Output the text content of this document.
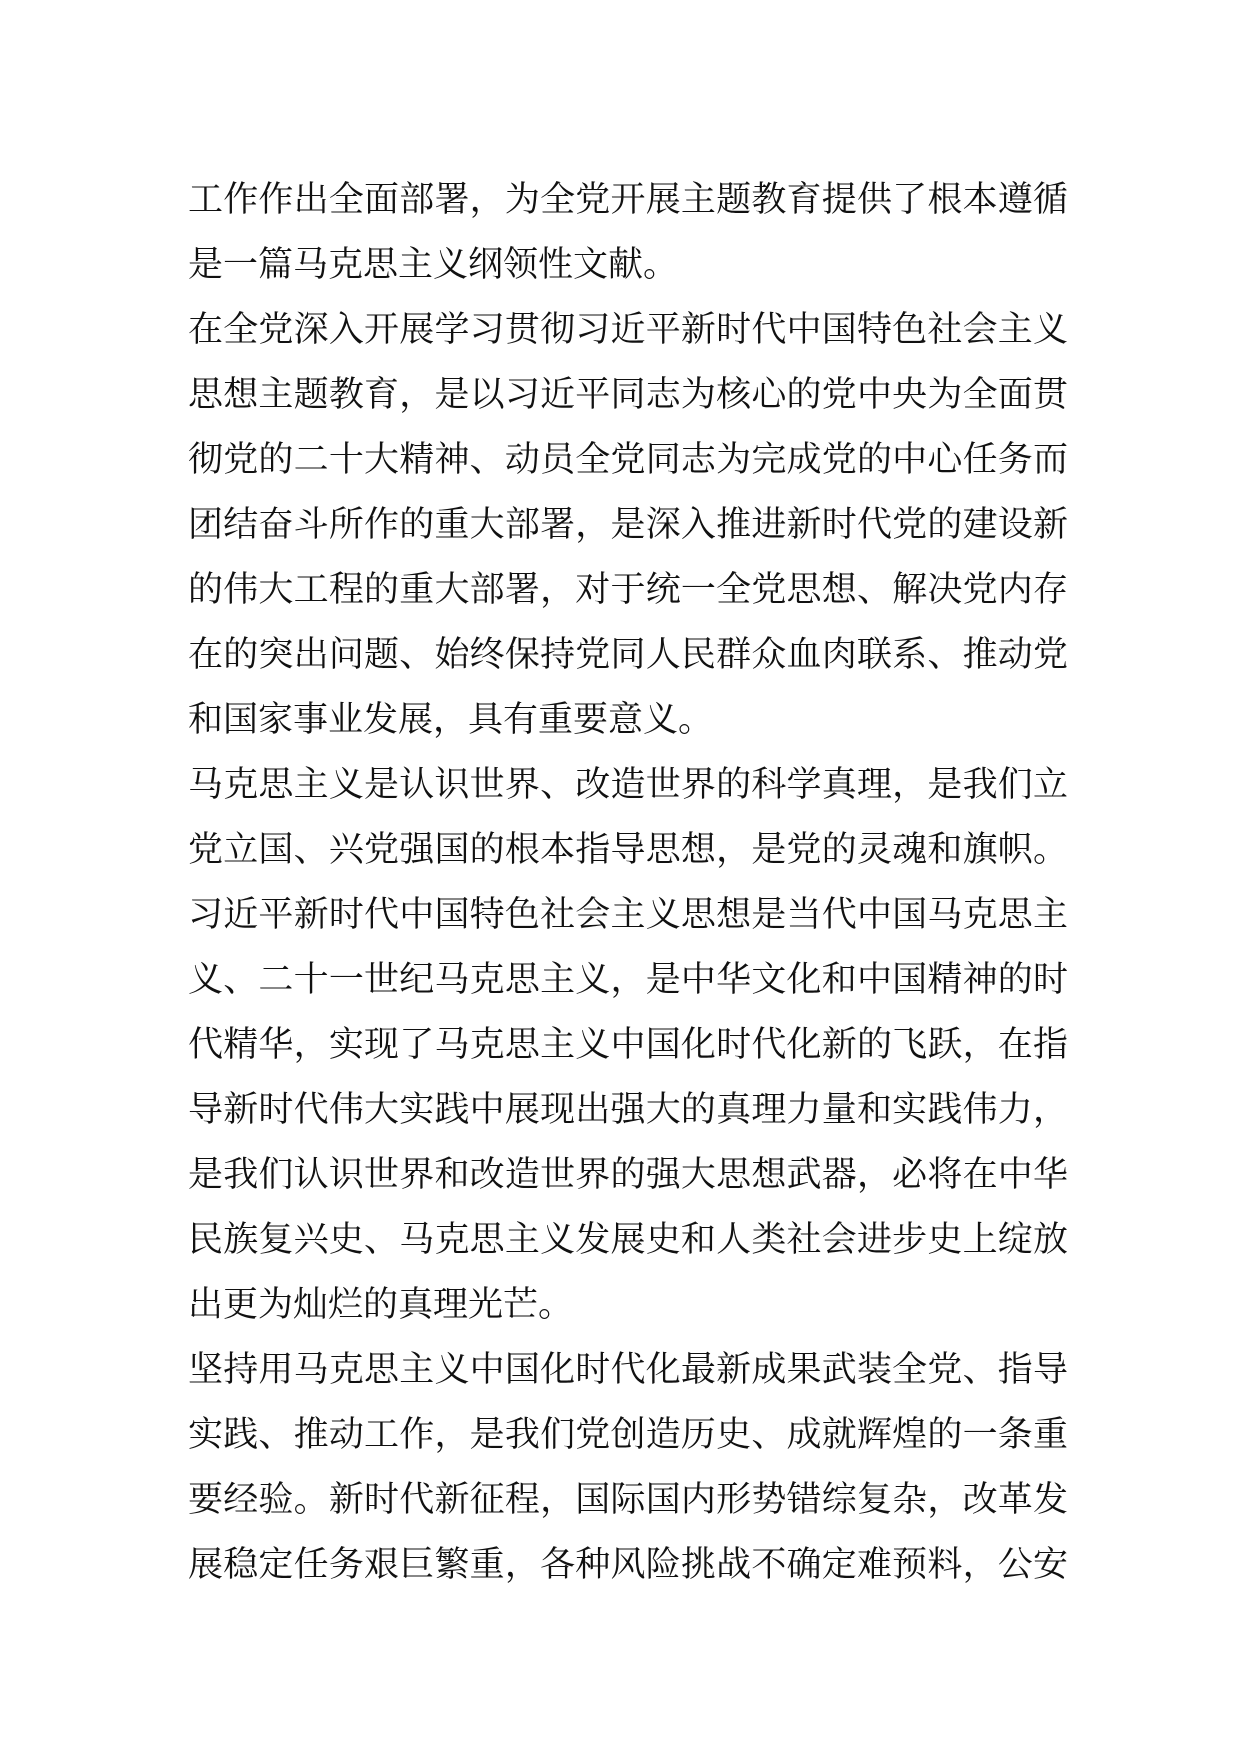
工作作出全面部署，为全党开展主题教育提供了根本遵循
是一篇马克思主义纲领性文献。
在全党深入开展学习贯彻习近平新时代中国特色社会主义
思想主题教育，是以习近平同志为核心的党中央为全面贯
彻党的二十大精神、动员全党同志为完成党的中心任务而
团结奋斗所作的重大部署，是深入推进新时代党的建设新
的伟大工程的重大部署，对于统一全党思想、解决党内存
在的突出问题、始终保持党同人民群众血肉联系、推动党
和国家事业发展，具有重要意义。
马克思主义是认识世界、改造世界的科学真理，是我们立
党立国、兴党强国的根本指导思想，是党的灵魂和旗帜。
习近平新时代中国特色社会主义思想是当代中国马克思主
义、二十一世纪马克思主义，是中华文化和中国精神的时
代精华，实现了马克思主义中国化时代化新的飞跃，在指
导新时代伟大实践中展现出强大的真理力量和实践伟力，
是我们认识世界和改造世界的强大思想武器，必将在中华
民族复兴史、马克思主义发展史和人类社会进步史上绽放
出更为灿烂的真理光芒。
坚持用马克思主义中国化时代化最新成果武装全党、指导
实践、推动工作，是我们党创造历史、成就辉煌的一条重
要经验。新时代新征程，国际国内形势错综复杂，改革发
展稳定任务艰巨繁重，各种风险挑战不确定难预料，公安
